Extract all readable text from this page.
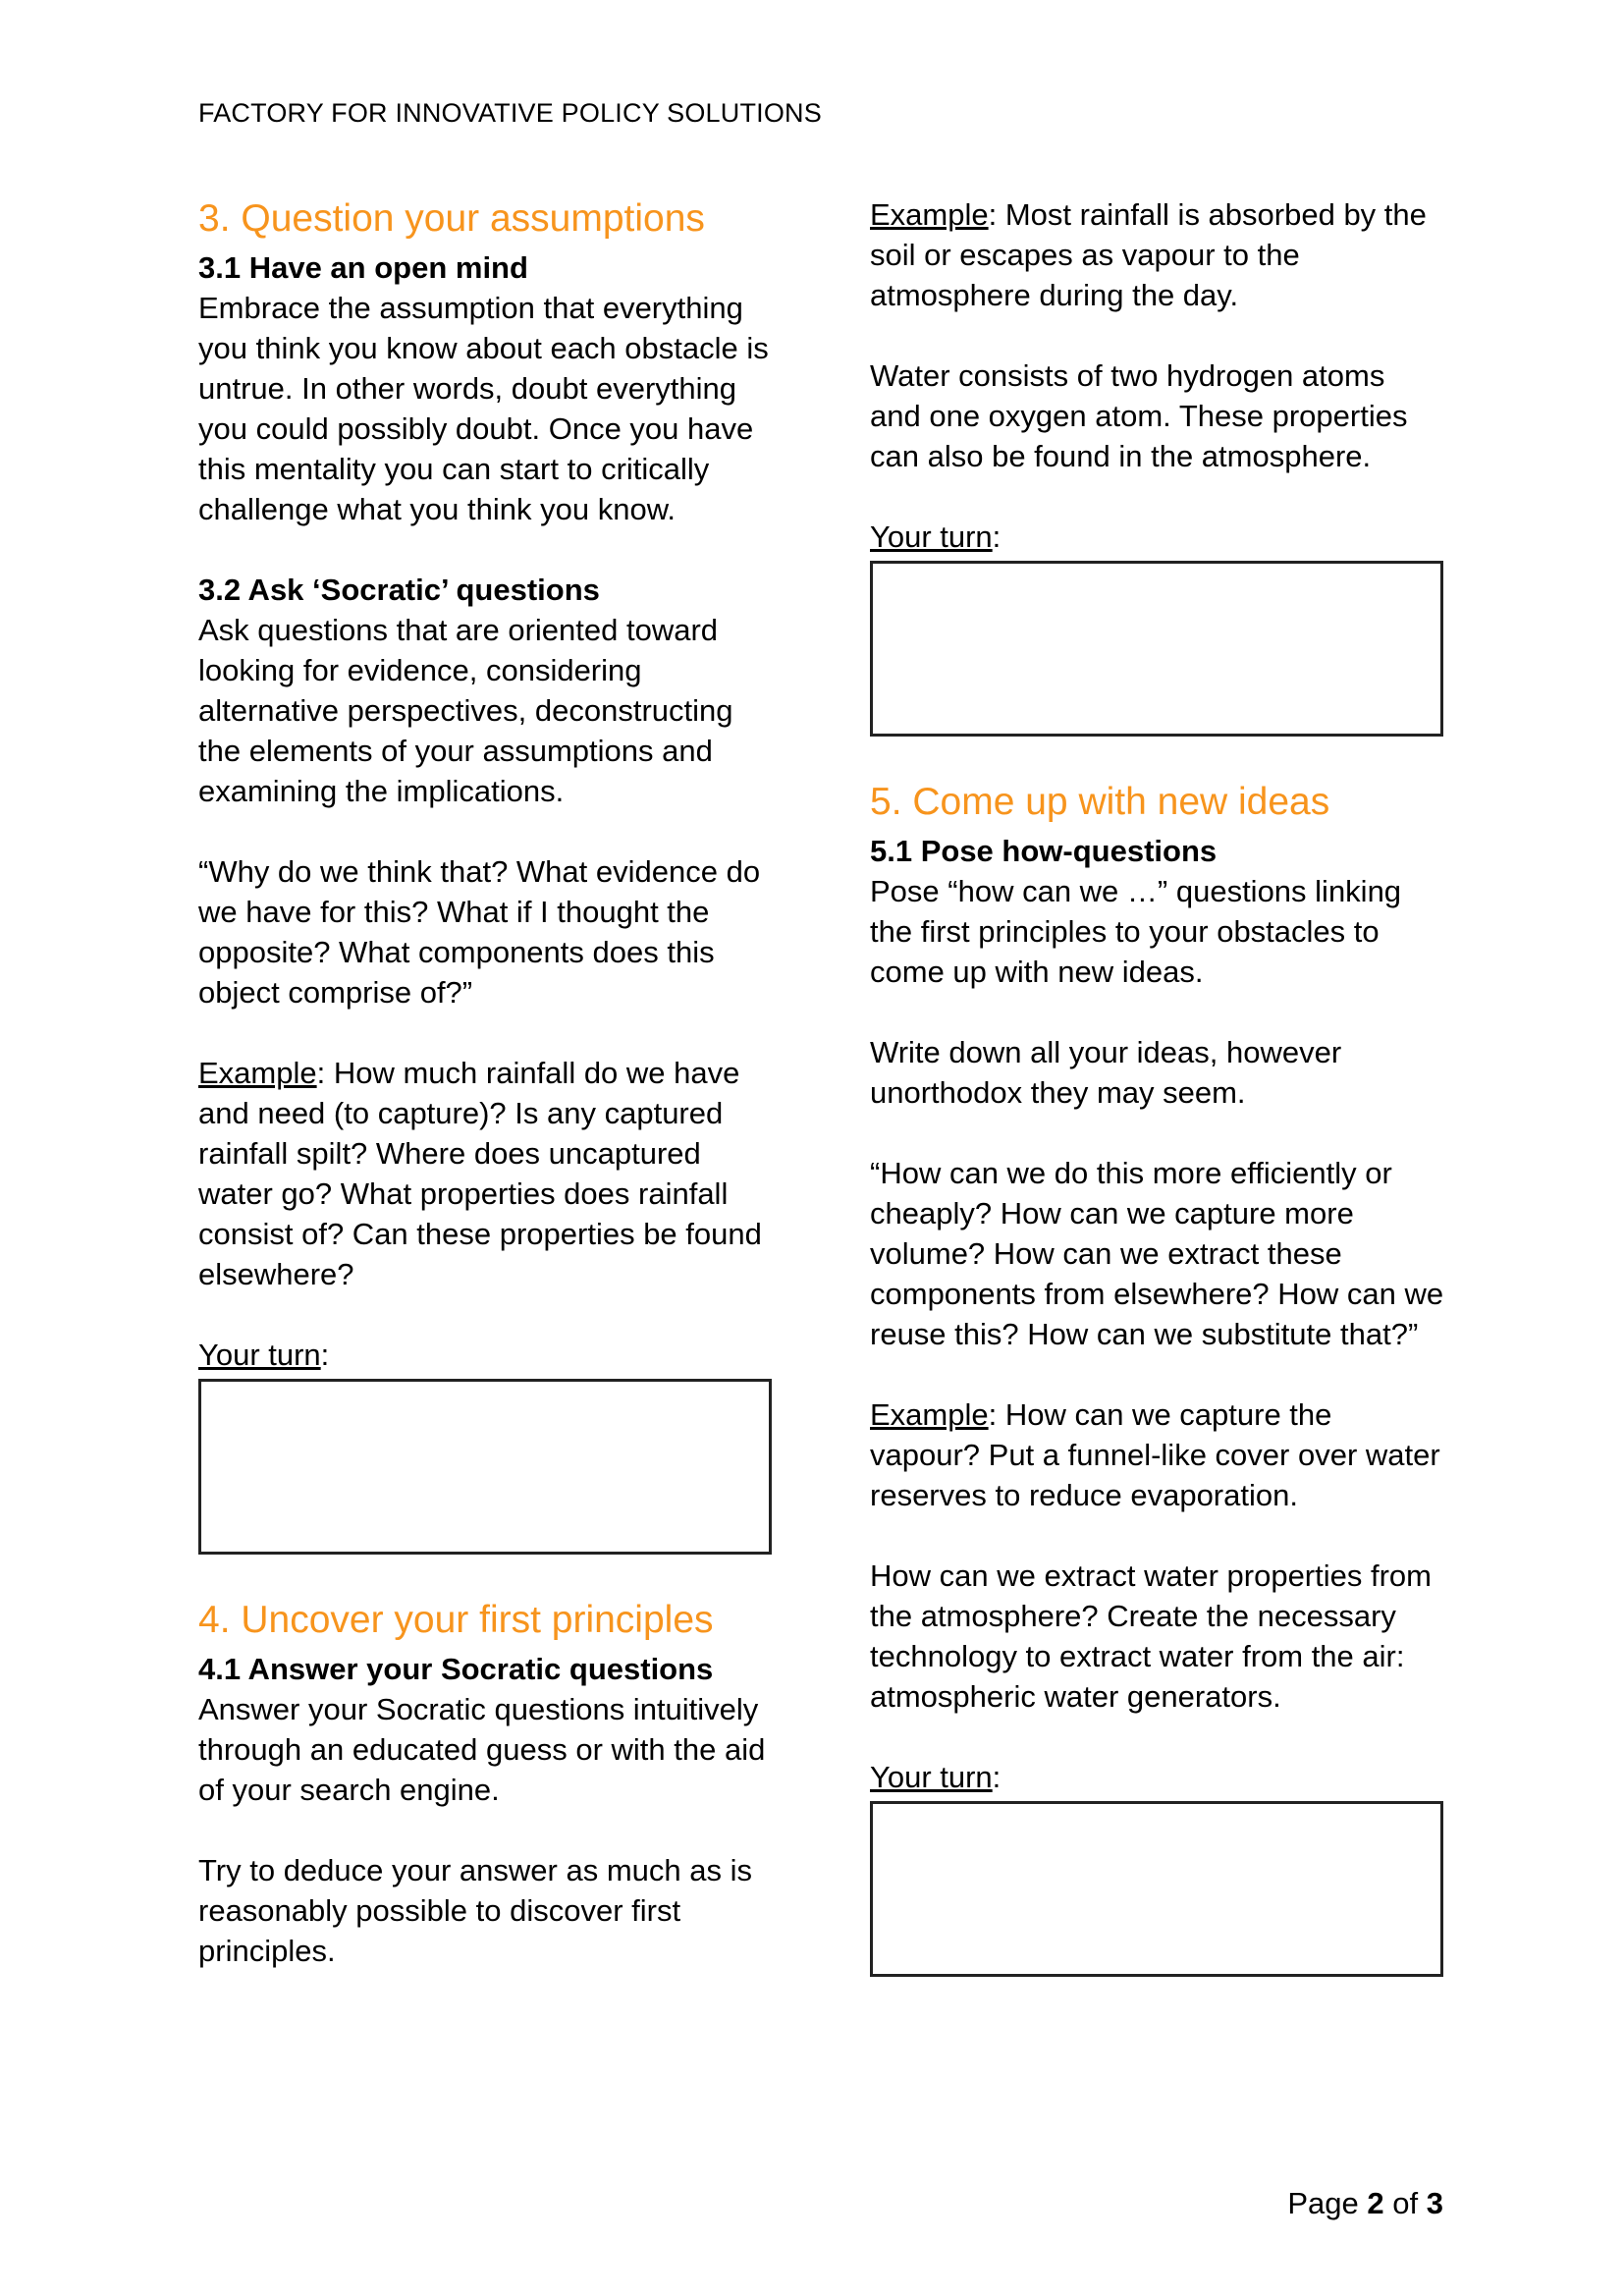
FACTORY FOR INNOVATIVE POLICY SOLUTIONS
3. Question your assumptions

3.1 Have an open mind

Embrace the assumption that everything

you think you know about each obstacle is

untrue. In other words, doubt everything

you could possibly doubt. Once you have

this mentality you can start to critically

challenge what you think you know.

3.2 Ask ‘Socratic’ questions

Ask questions that are oriented toward

looking for evidence, considering

alternative perspectives, deconstructing

the elements of your assumptions and

examining the implications.

“Why do we think that? What evidence do

we have for this? What if I thought the

opposite? What components does this

object comprise of?”

Example: How much rainfall do we have

and need (to capture)? Is any captured

rainfall spilt? Where does uncaptured

water go? What properties does rainfall

consist of? Can these properties be found

elsewhere?

Your turn:

4. Uncover your first principles

4.1 Answer your Socratic questions

Answer your Socratic questions intuitively

through an educated guess or with the aid

of your search engine.

Try to deduce your answer as much as is

reasonably possible to discover first

principles.

Example: Most rainfall is absorbed by the

soil or escapes as vapour to the

atmosphere during the day.

Water consists of two hydrogen atoms

and one oxygen atom. These properties

can also be found in the atmosphere.

Your turn:

5. Come up with new ideas

5.1 Pose how-questions

Pose “how can we …” questions linking

the first principles to your obstacles to

come up with new ideas.

Write down all your ideas, however

unorthodox they may seem.

“How can we do this more efficiently or

cheaply? How can we capture more

volume? How can we extract these

components from elsewhere? How can we

reuse this? How can we substitute that?”

Example: How can we capture the

vapour? Put a funnel-like cover over water

reserves to reduce evaporation.

How can we extract water properties from

the atmosphere? Create the necessary

technology to extract water from the air:

atmospheric water generators.

Your turn:

Page 2 of 3
